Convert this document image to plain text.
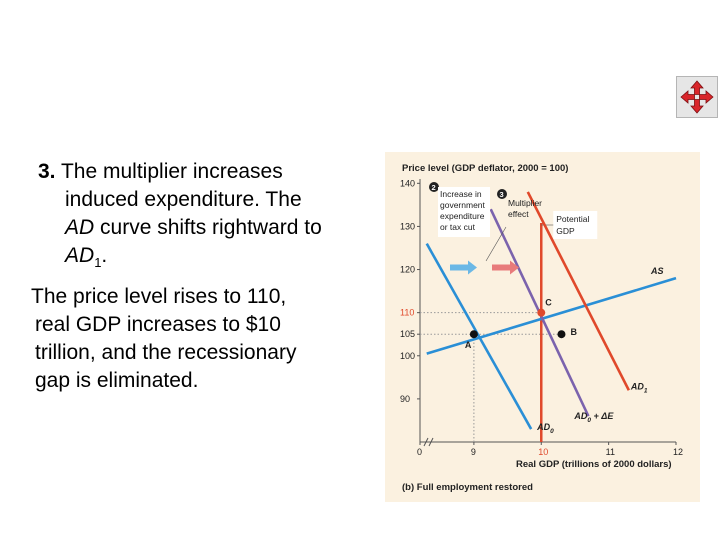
3. The multiplier increases
induced expenditure. The
AD curve shifts rightward to
$AD_1$.
The price level rises to 110,
real GDP increases to $10
trillion, and the recessionary
gap is eliminated.
Price level (GDP deflator, 2000 = 100)
90
100
105
110
120
130
140
0	9	10	11	12
Potential
GDP
AS
$AD_0$
$AD_0 + \Delta E$
$AD_1$
A
B
C
2
Increase in
government
expenditure
or tax cut
3
Multiplier
effect
Real GDP (trillions of 2000 dollars)
(b) Full employment restored
